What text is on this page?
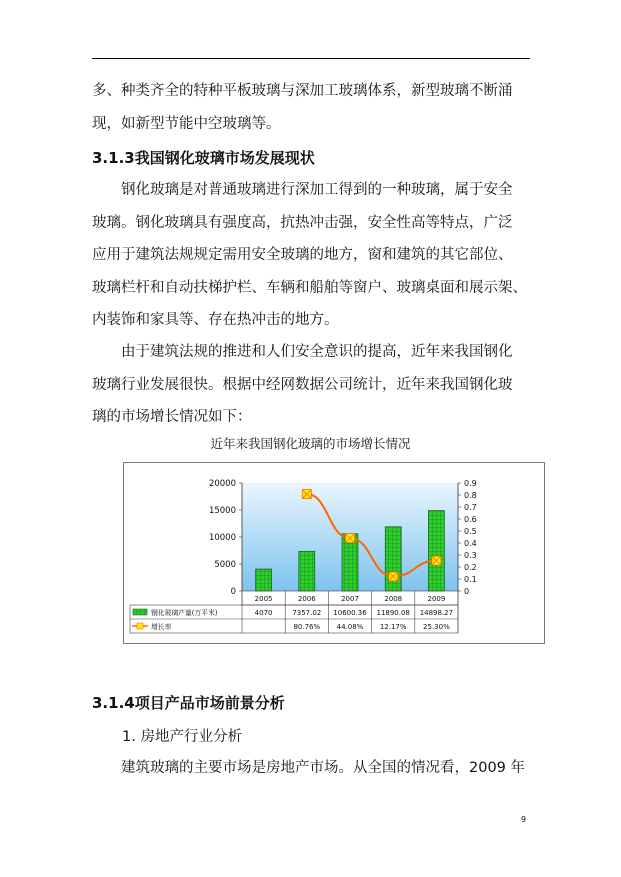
多、种类齐全的特种平板玻璃与深加工玻璃体系，新型玻璃不断涌
现，如新型节能中空玻璃等。

3.1.3我国钢化玻璃市场发展现状

　　钢化玻璃是对普通玻璃进行深加工得到的一种玻璃，属于安全
玻璃。钢化玻璃具有强度高，抗热冲击强，安全性高等特点，广泛
应用于建筑法规规定需用安全玻璃的地方，窗和建筑的其它部位、
玻璃栏杆和自动扶梯护栏、车辆和船舶等窗户、玻璃桌面和展示架、
内装饰和家具等、存在热冲击的地方。

　　由于建筑法规的推进和人们安全意识的提高，近年来我国钢化
玻璃行业发展很快。根据中经网数据公司统计，近年来我国钢化玻
璃的市场增长情况如下：

近年来我国钢化玻璃的市场增长情况
0
5000
10000
15000
20000
0
0.1
0.2
0.3
0.4
0.5
0.6
0.7
0.8
0.9
2005
4070
2006
7357.02
80.76%
2007
10600.36
44.08%
2008
11890.08
12.17%
2009
14898.27
25.30%
钢化玻璃产量(万平米)
增长率
3.1.4项目产品市场前景分析
1. 房地产行业分析
　　建筑玻璃的主要市场是房地产市场。从全国的情况看，2009 年
9
